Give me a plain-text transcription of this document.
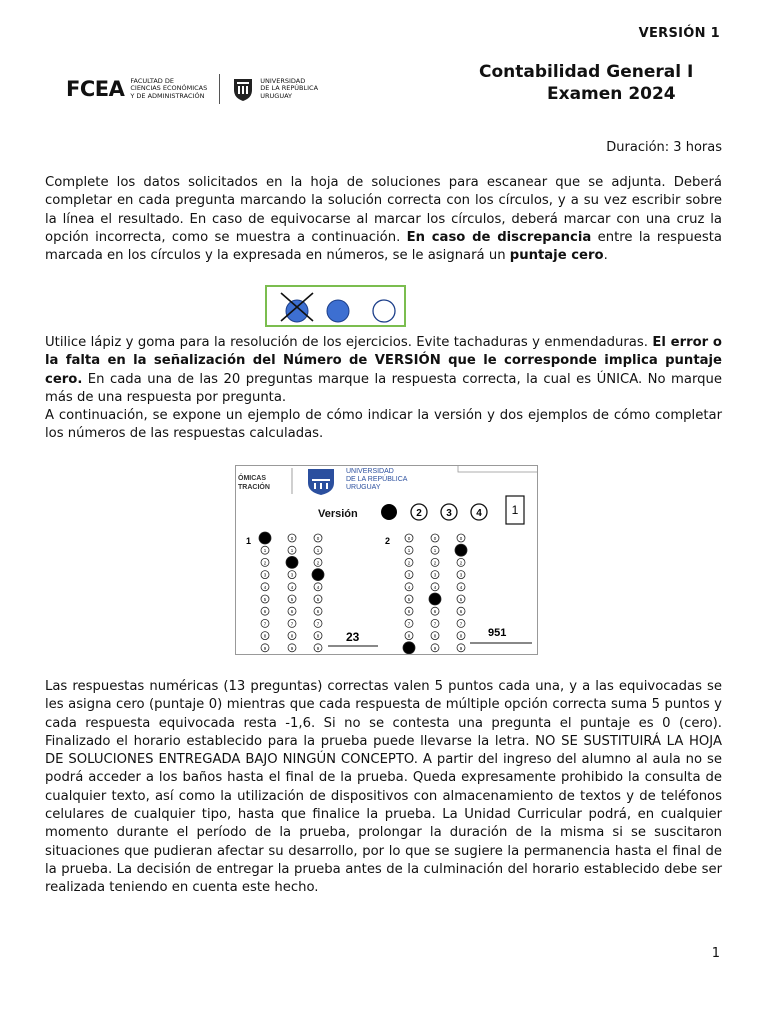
VERSIÓN 1
Contabilidad General I
Examen 2024
FCEA FACULTAD DE
CIENCIAS ECONÓMICAS
Y DE ADMINISTRACIÓN
UNIVERSIDAD
DE LA REPÚBLICA
URUGUAY
Duración: 3 horas

Complete los datos solicitados en la hoja de soluciones para escanear que se adjunta. Deberá completar en cada pregunta marcando la solución correcta con los círculos, y a su vez escribir sobre la línea el resultado. En caso de equivocarse al marcar los círculos, deberá marcar con una cruz la opción incorrecta, como se muestra a continuación. En caso de discrepancia entre la respuesta marcada en los círculos y la expresada en números, se le asignará un puntaje cero.

Utilice lápiz y goma para la resolución de los ejercicios. Evite tachaduras y enmendaduras. El error o la falta en la señalización del Número de VERSIÓN que le corresponde implica puntaje cero. En cada una de las 20 preguntas marque la respuesta correcta, la cual es ÚNICA. No marque más de una respuesta por pregunta.
A continuación, se expone un ejemplo de cómo indicar la versión y dos ejemplos de cómo completar los números de las respuestas calculadas.

ÓMICAS
TRACIÓN
UNIVERSIDAD
DE LA REPÚBLICA
URUGUAY
Versión	2 3 4 1
1	2
1
2
3
4
5
6
7
8
9
0
1
3
4
5
6
7
8
9
0
1
2
4
5
6
7
8
9
0
1
2
3
4
5
6
7
8
0
1
2
3
4
6
7
8
9
0
2
3
4
5
6
7
8
9
23	951

Las respuestas numéricas (13 preguntas) correctas valen 5 puntos cada una, y a las equivocadas se les asigna cero (puntaje 0) mientras que cada respuesta de múltiple opción correcta suma 5 puntos y cada respuesta equivocada resta -1,6. Si no se contesta una pregunta el puntaje es 0 (cero). Finalizado el horario establecido para la prueba puede llevarse la letra. NO SE SUSTITUIRÁ LA HOJA DE SOLUCIONES ENTREGADA BAJO NINGÚN CONCEPTO. A partir del ingreso del alumno al aula no se podrá acceder a los baños hasta el final de la prueba. Queda expresamente prohibido la consulta de cualquier texto, así como la utilización de dispositivos con almacenamiento de textos y de teléfonos celulares de cualquier tipo, hasta que finalice la prueba. La Unidad Curricular podrá, en cualquier momento durante el período de la prueba, prolongar la duración de la misma si se suscitaron situaciones que pudieran afectar su desarrollo, por lo que se sugiere la permanencia hasta el final de la prueba. La decisión de entregar la prueba antes de la culminación del horario establecido debe ser realizada teniendo en cuenta este hecho.

1
